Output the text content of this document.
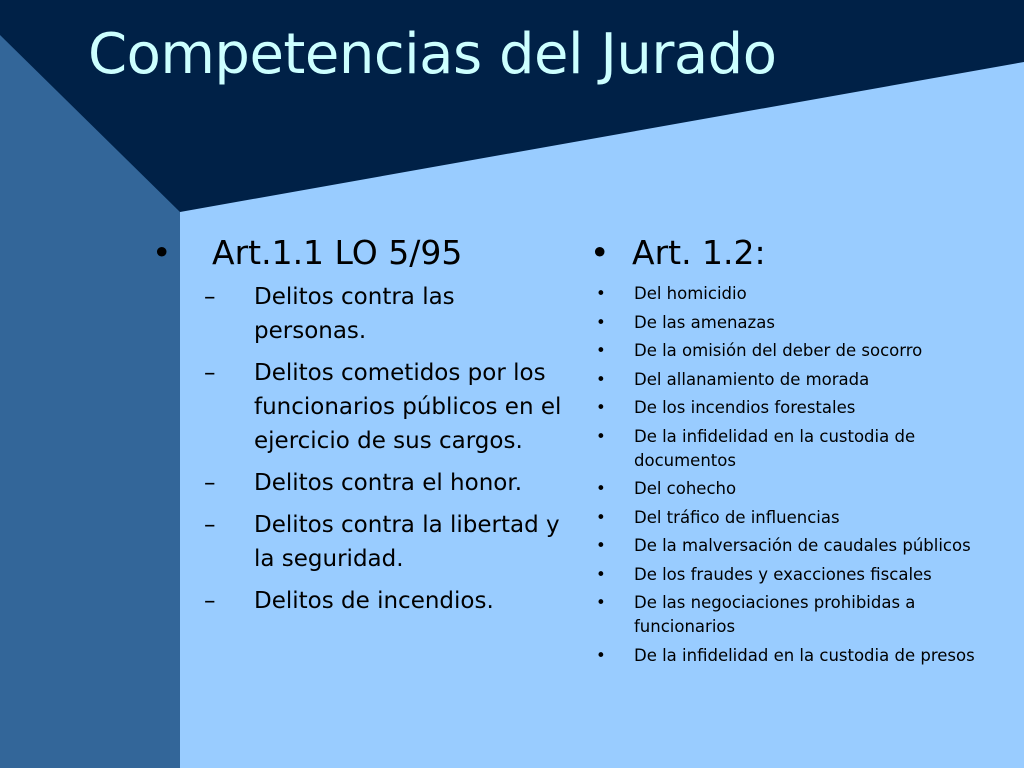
Competencias del Jurado
• Art.1.1 LO 5/95
– Delitos contra las personas.
– Delitos cometidos por los funcionarios públicos en el ejercicio de sus cargos.
– Delitos contra el honor.
– Delitos contra la libertad y la seguridad.
– Delitos de incendios.
• Art. 1.2:
• Del homicidio
• De las amenazas
• De la omisión del deber de socorro
• Del allanamiento de morada
• De los incendios forestales
• De la infidelidad en la custodia de documentos
• Del cohecho
• Del tráfico de influencias
• De la malversación de caudales públicos
• De los fraudes y exacciones fiscales
• De las negociaciones prohibidas a funcionarios
• De la infidelidad en la custodia de presos
